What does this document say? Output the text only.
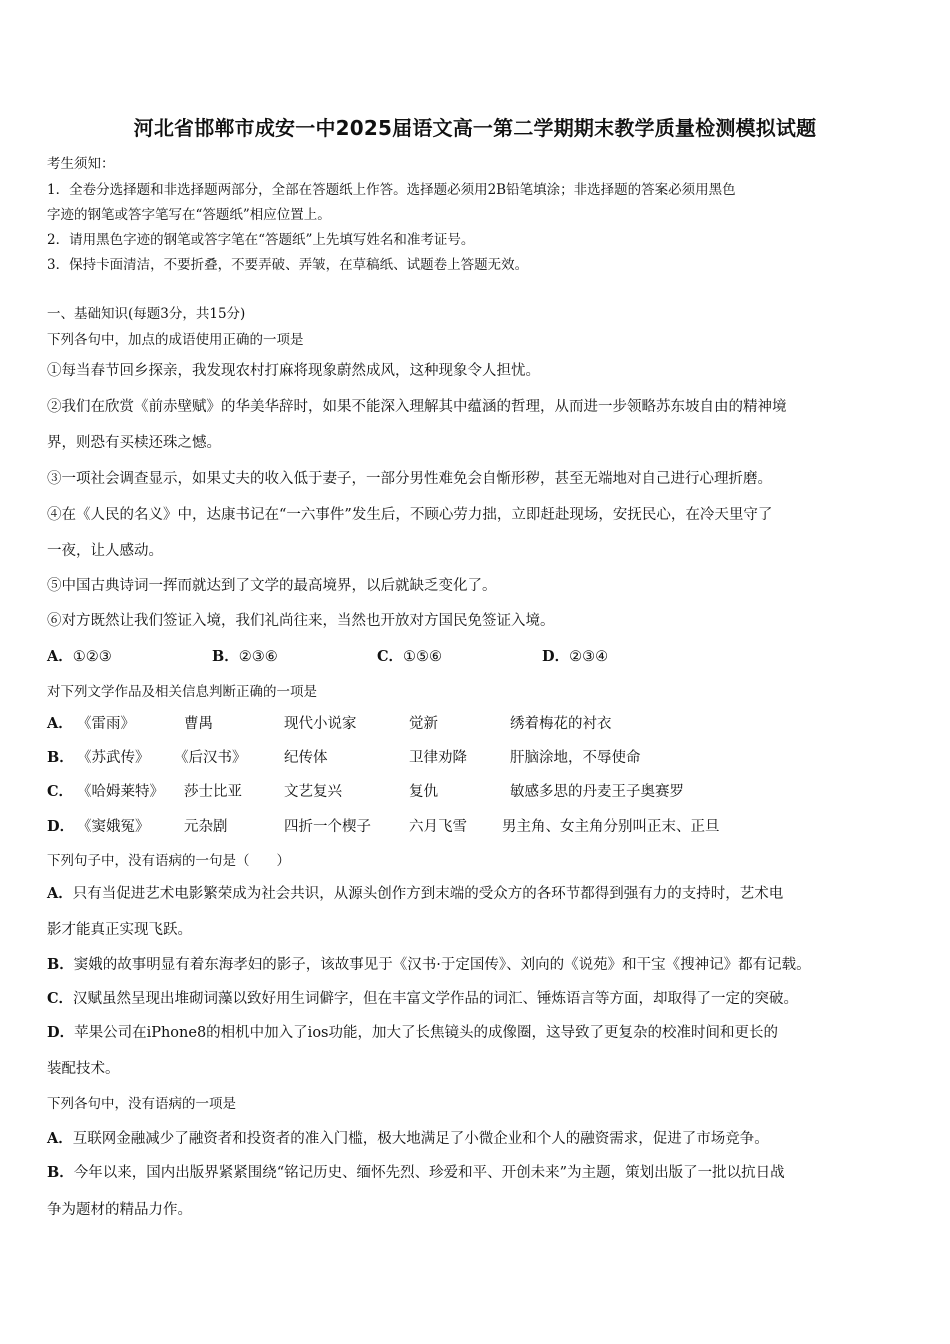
河北省邯郸市成安一中2025届语文高一第二学期期末教学质量检测模拟试题
考生须知：
1．全卷分选择题和非选择题两部分，全部在答题纸上作答。选择题必须用2B铅笔填涂；非选择题的答案必须用黑色
字迹的钢笔或答字笔写在“答题纸”相应位置上。
2．请用黑色字迹的钢笔或答字笔在“答题纸”上先填写姓名和准考证号。
3．保持卡面清洁，不要折叠，不要弄破、弄皱，在草稿纸、试题卷上答题无效。
一、基础知识(每题3分，共15分)
下列各句中，加点的成语使用正确的一项是
①每当春节回乡探亲，我发现农村打麻将现象蔚然成风，这种现象令人担忧。
②我们在欣赏《前赤壁赋》的华美华辞时，如果不能深入理解其中蕴涵的哲理，从而进一步领略苏东坡自由的精神境
界，则恐有买椟还珠之憾。
③一项社会调查显示，如果丈夫的收入低于妻子，一部分男性难免会自惭形秽，甚至无端地对自己进行心理折磨。
④在《人民的名义》中，达康书记在“一六事件”发生后，不顾心劳力拙，立即赶赴现场，安抚民心，在冷天里守了
一夜，让人感动。
⑤中国古典诗词一挥而就达到了文学的最高境界，以后就缺乏变化了。
⑥对方既然让我们签证入境，我们礼尚往来，当然也开放对方国民免签证入境。
A．①②③	B．②③⑥	C．①⑤⑥	D．②③④
对下列文学作品及相关信息判断正确的一项是
A． 《雷雨》	曹禺	现代小说家	觉新	绣着梅花的衬衣
B． 《苏武传》 《后汉书》	纪传体	卫律劝降	肝脑涂地，不辱使命
C． 《哈姆莱特》 莎士比亚	文艺复兴	复仇	敏感多思的丹麦王子奥赛罗
D． 《窦娥冤》 元杂剧	四折一个楔子	六月飞雪 男主角、女主角分别叫正末、正旦
下列句子中，没有语病的一句是（　　）
A．只有当促进艺术电影繁荣成为社会共识，从源头创作方到末端的受众方的各环节都得到强有力的支持时，艺术电
影才能真正实现飞跃。
B．窦娥的故事明显有着东海孝妇的影子，该故事见于《汉书·于定国传》、刘向的《说苑》和干宝《搜神记》都有记载。
C．汉赋虽然呈现出堆砌词藻以致好用生词僻字，但在丰富文学作品的词汇、锤炼语言等方面，却取得了一定的突破。
D．苹果公司在iPhone8的相机中加入了ios功能，加大了长焦镜头的成像圈，这导致了更复杂的校准时间和更长的
装配技术。
下列各句中，没有语病的一项是
A．互联网金融减少了融资者和投资者的准入门槛，极大地满足了小微企业和个人的融资需求，促进了市场竞争。
B．今年以来，国内出版界紧紧围绕“铭记历史、缅怀先烈、珍爱和平、开创未来”为主题，策划出版了一批以抗日战
争为题材的精品力作。
